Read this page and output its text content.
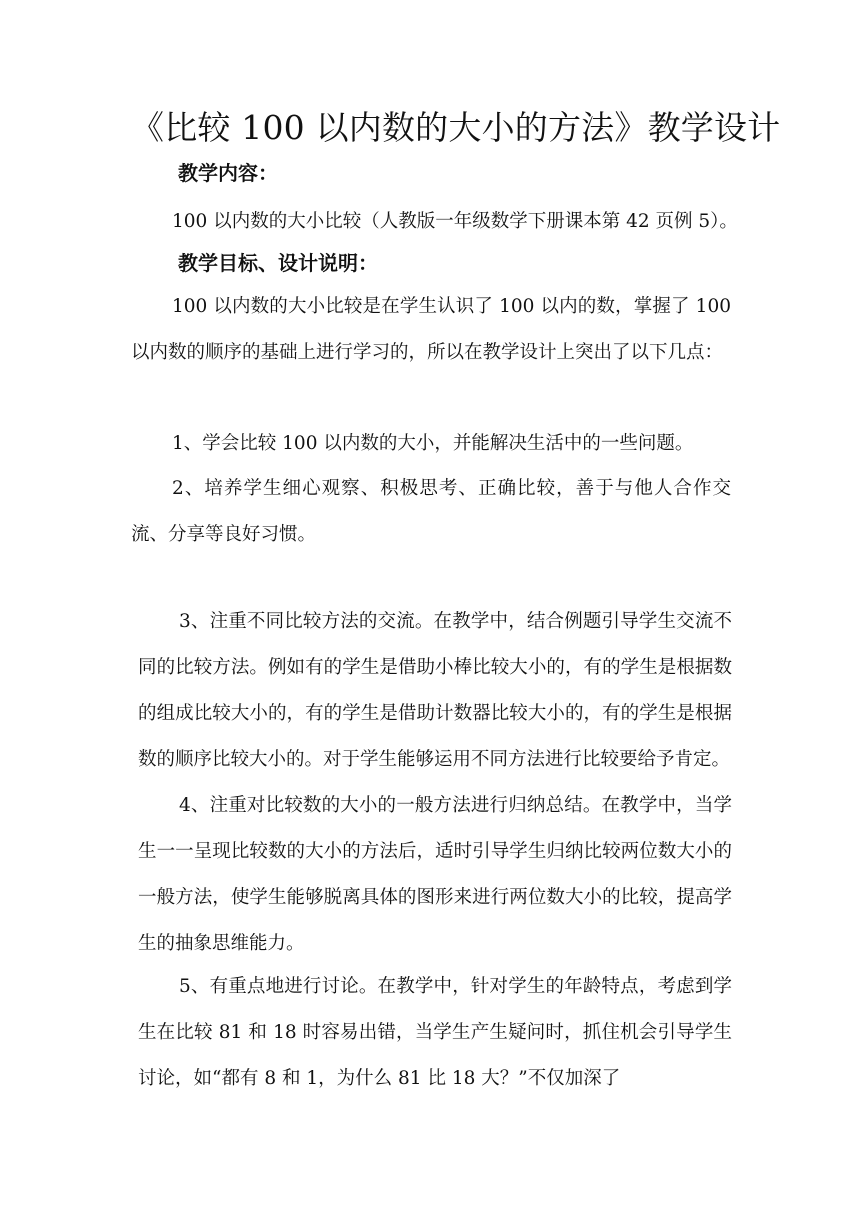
《比较 100 以内数的大小的方法》教学设计
教学内容：

100 以内数的大小比较（人教版一年级数学下册课本第 42 页例 5）。

教学目标、设计说明：

100 以内数的大小比较是在学生认识了 100 以内的数，掌握了 100 以内数的顺序的基础上进行学习的，所以在教学设计上突出了以下几点：

1、学会比较 100 以内数的大小，并能解决生活中的一些问题。

2、培养学生细心观察、积极思考、正确比较，善于与他人合作交流、分享等良好习惯。

3、注重不同比较方法的交流。在教学中，结合例题引导学生交流不同的比较方法。例如有的学生是借助小棒比较大小的，有的学生是根据数的组成比较大小的，有的学生是借助计数器比较大小的，有的学生是根据数的顺序比较大小的。对于学生能够运用不同方法进行比较要给予肯定。

4、注重对比较数的大小的一般方法进行归纳总结。在教学中，当学生一一呈现比较数的大小的方法后，适时引导学生归纳比较两位数大小的一般方法，使学生能够脱离具体的图形来进行两位数大小的比较，提高学生的抽象思维能力。

5、有重点地进行讨论。在教学中，针对学生的年龄特点，考虑到学生在比较 81 和 18 时容易出错，当学生产生疑问时，抓住机会引导学生讨论，如“都有 8 和 1，为什么 81 比 18 大？”不仅加深了
